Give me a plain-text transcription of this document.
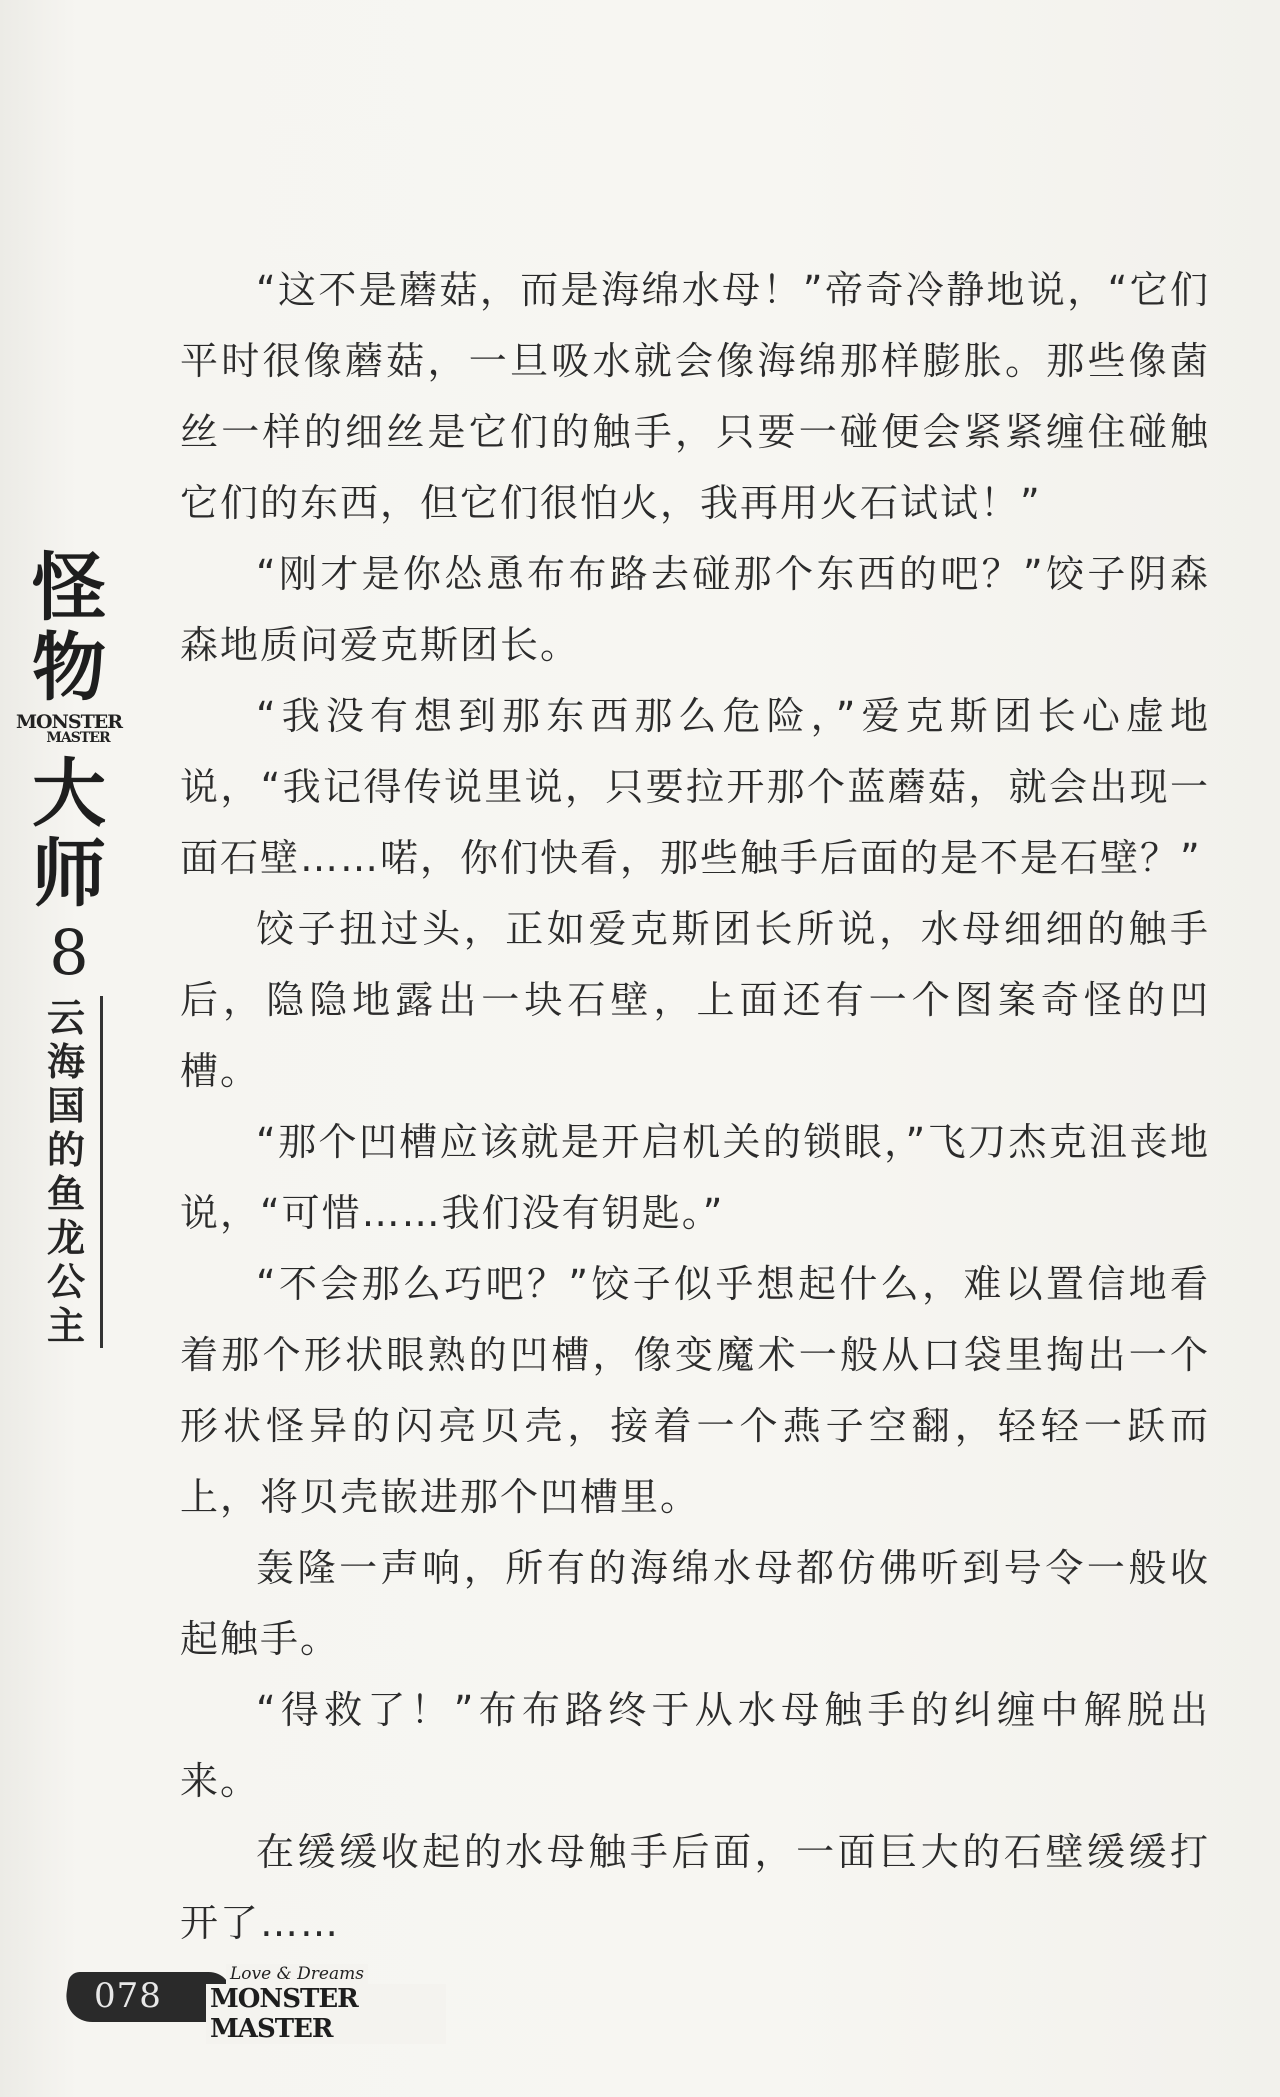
怪物
MONSTER
MASTER
大师
8
云
海
国
的
鱼
龙
公
主

“这不是蘑菇，而是海绵水母！”帝奇冷静地说，“它们平时很像蘑菇，一旦吸水就会像海绵那样膨胀。那些像菌丝一样的细丝是它们的触手，只要一碰便会紧紧缠住碰触它们的东西，但它们很怕火，我再用火石试试！”

“刚才是你怂恿布布路去碰那个东西的吧？”饺子阴森森地质问爱克斯团长。

“我没有想到那东西那么危险，”爱克斯团长心虚地说，“我记得传说里说，只要拉开那个蓝蘑菇，就会出现一面石壁……喏，你们快看，那些触手后面的是不是石壁？”

饺子扭过头，正如爱克斯团长所说，水母细细的触手后，隐隐地露出一块石壁，上面还有一个图案奇怪的凹槽。

“那个凹槽应该就是开启机关的锁眼，”飞刀杰克沮丧地说，“可惜……我们没有钥匙。”

“不会那么巧吧？”饺子似乎想起什么，难以置信地看着那个形状眼熟的凹槽，像变魔术一般从口袋里掏出一个形状怪异的闪亮贝壳，接着一个燕子空翻，轻轻一跃而上，将贝壳嵌进那个凹槽里。

轰隆一声响，所有的海绵水母都仿佛听到号令一般收起触手。

“得救了！”布布路终于从水母触手的纠缠中解脱出来。

在缓缓收起的水母触手后面，一面巨大的石壁缓缓打开了……

078
Love & Dreams
MONSTER MASTER
